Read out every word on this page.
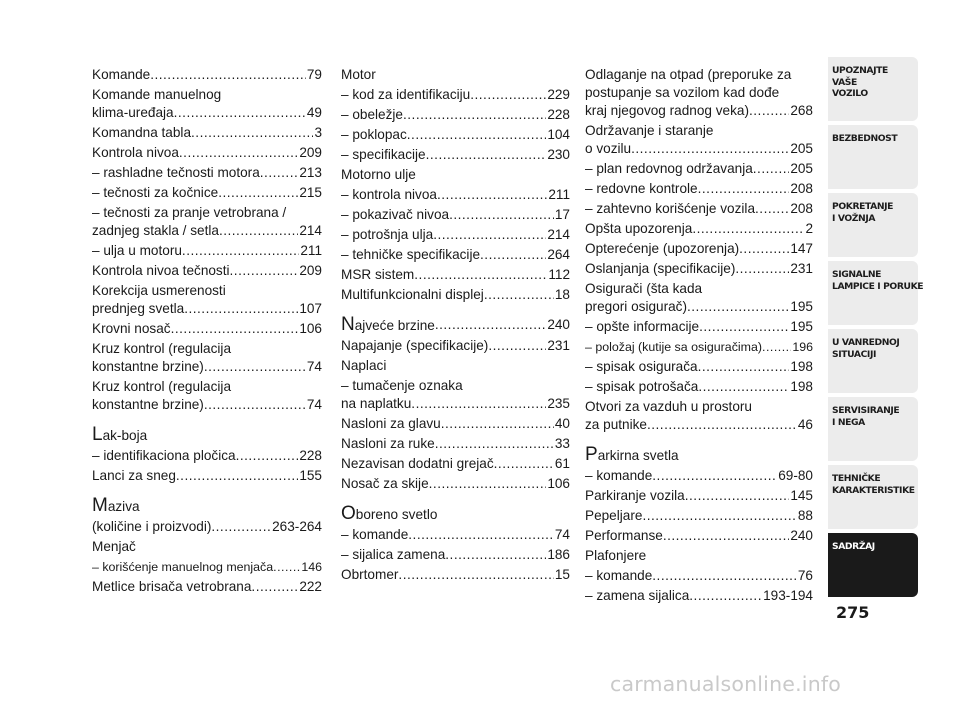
Komande .....	79
Komande manuelnog
klima-uređaja .....	49
Komandna tabla .....	3
Kontrola nivoa .....	209
– rashladne tečnosti motora .....	213
– tečnosti za kočnice .....	215
– tečnosti za pranje vetrobrana /
zadnjeg stakla / setla .....	214
– ulja u motoru .....	211
Kontrola nivoa tečnosti .....	209
Korekcija usmerenosti
prednjeg svetla .....	107
Krovni nosač .....	106
Kruz kontrol (regulacija
konstantne brzine) .....	74
Kruz kontrol (regulacija
konstantne brzine) .....	74
Lak-boja
– identifikaciona pločica .....	228
Lanci za sneg .....	155
Maziva
(količine i proizvodi) .....	263-264
Menjač
– korišćenje manuelnog menjača ..... 146
Metlice brisača vetrobrana .....	222
Motor
– kod za identifikaciju .....	229
– obeležje .....	228
– poklopac .....	104
– specifikacije .....	230
Motorno ulje
– kontrola nivoa .....	211
– pokazivač nivoa .....	17
– potrošnja ulja .....	214
– tehničke specifikacije .....	264
MSR sistem .....	112
Multifunkcionalni displej .....	18
Najveće brzine .....	240
Napajanje (specifikacije) .....	231
Naplaci
– tumačenje oznaka
na naplatku .....	235
Nasloni za glavu .....	40
Nasloni za ruke .....	33
Nezavisan dodatni grejač .....	61
Nosač za skije .....	106
Oboreno svetlo
– komande .....	74
– sijalica zamena .....	186
Obrtomer .....	15
Odlaganje na otpad (preporuke za
postupanje sa vozilom kad dođe
kraj njegovog radnog veka) .....	268
Održavanje i staranje
o vozilu .....	205
– plan redovnog održavanja .....	205
– redovne kontrole .....	208
– zahtevno korišćenje vozila .....	208
Opšta upozorenja .....	2
Opterećenje (upozorenja) .....	147
Oslanjanja (specifikacije) .....	231
Osigurači (šta kada
pregori osigurač) .....	195
– opšte informacije .....	195
– položaj (kutije sa osiguračima) ..... 196
– spisak osigurača .....	198
– spisak potrošača .....	198
Otvori za vazduh u prostoru
za putnike .....	46
Parkirna svetla
– komande .....	69-80
Parkiranje vozila .....	145
Pepeljare .....	88
Performanse .....	240
Plafonjere
– komande .....	76
– zamena sijalica .....	193-194
UPOZNAJTE
VAŠE
VOZILO
BEZBEDNOST
POKRETANJE
I VOŽNJA
SIGNALNE
LAMPICE I PORUKE
U VANREDNOJ
SITUACIJI
SERVISIRANJE
I NEGA
TEHNIČKE
KARAKTERISTIKE
SADRŽAJ
275
carmanualsonline.info
